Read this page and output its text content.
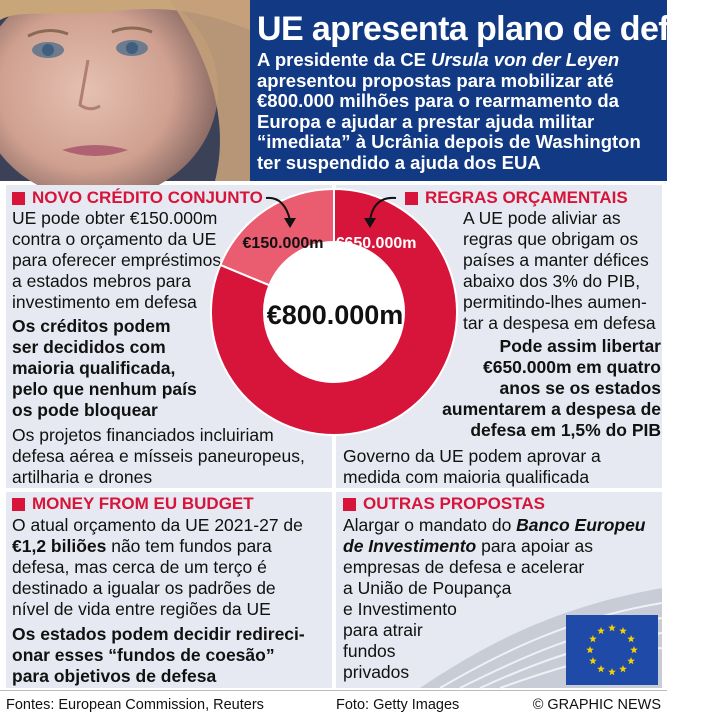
UE apresenta plano de defesa

A presidente da CE Ursula von der Leyen

apresentou propostas para mobilizar até

€800.000 milhões para o rearmamento da

Europa e ajudar a prestar ajuda militar

“imediata” à Ucrânia depois de Washington

ter suspendido a ajuda dos EUA

NOVO CRÉDITO CONJUNTO

UE pode obter €150.000m

contra o orçamento da UE

para oferecer empréstimos

a estados mebros para

investimento em defesa

Os créditos podem

ser decididos com

maioria qualificada,

pelo que nenhum país

os pode bloquear

Os projetos financiados incluiriam

defesa aérea e mísseis paneuropeus,

artilharia e drones

REGRAS ORÇAMENTAIS

A UE pode aliviar as

regras que obrigam os

países a manter défices

abaixo dos 3% do PIB,

permitindo-lhes aumen-

tar a despesa em defesa

Pode assim libertar

€650.000m em quatro

anos se os estados

aumentarem a despesa de

defesa em 1,5% do PIB

Governo da UE podem aprovar a

medida com maioria qualificada

MONEY FROM EU BUDGET

O atual orçamento da UE 2021-27 de

€1,2 biliões não tem fundos para

defesa, mas cerca de um terço é

destinado a igualar os padrões de

nível de vida entre regiões da UE

Os estados podem decidir redireci-

onar esses “fundos de coesão”

para objetivos de defesa

OUTRAS PROPOSTAS

Alargar o mandato do Banco Europeu

de Investimento para apoiar as

empresas de defesa e acelerar

a União de Poupança

e Investimento

para atrair

fundos

privados

€800.000m
€150.000m €650.000m
Fontes: European Commission, Reuters	Foto: Getty Images	© GRAPHIC NEWS
